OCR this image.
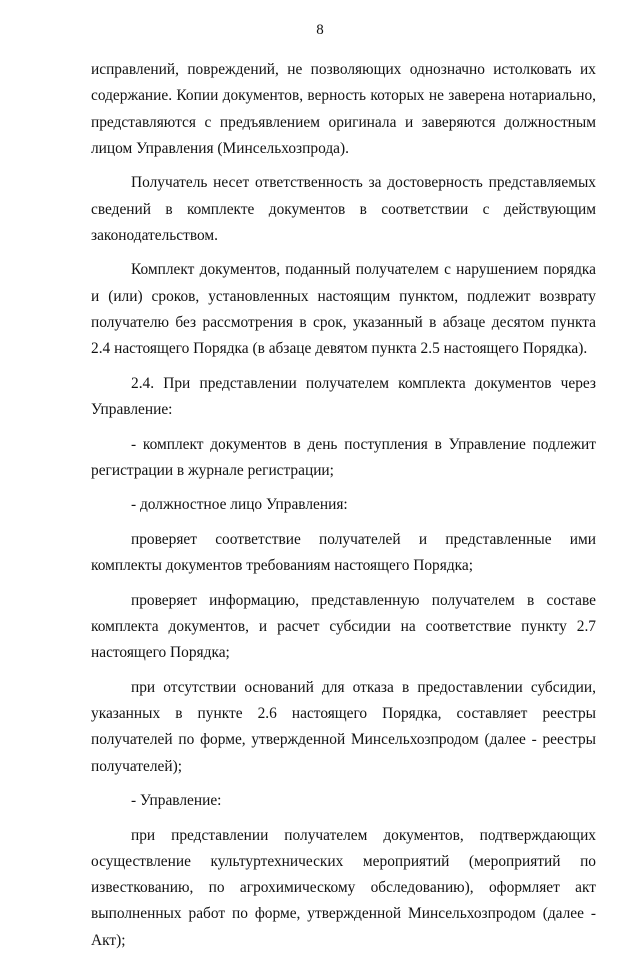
8

исправлений, повреждений, не позволяющих однозначно истолковать их содержание. Копии документов, верность которых не заверена нотариально, представляются с предъявлением оригинала и заверяются должностным лицом Управления (Минсельхозпрода).

Получатель несет ответственность за достоверность представляемых сведений в комплекте документов в соответствии с действующим законодательством.

Комплект документов, поданный получателем с нарушением порядка и (или) сроков, установленных настоящим пунктом, подлежит возврату получателю без рассмотрения в срок, указанный в абзаце десятом пункта 2.4 настоящего Порядка (в абзаце девятом пункта 2.5 настоящего Порядка).

2.4. При представлении получателем комплекта документов через Управление:

- комплект документов в день поступления в Управление подлежит регистрации в журнале регистрации;

- должностное лицо Управления:

проверяет соответствие получателей и представленные ими комплекты документов требованиям настоящего Порядка;

проверяет информацию, представленную получателем в составе комплекта документов, и расчет субсидии на соответствие пункту 2.7 настоящего Порядка;

при отсутствии оснований для отказа в предоставлении субсидии, указанных в пункте 2.6 настоящего Порядка, составляет реестры получателей по форме, утвержденной Минсельхозпродом (далее - реестры получателей);

- Управление:

при представлении получателем документов, подтверждающих осуществление культуртехнических мероприятий (мероприятий по известкованию, по агрохимическому обследованию), оформляет акт выполненных работ по форме, утвержденной Минсельхозпродом (далее - Акт);
